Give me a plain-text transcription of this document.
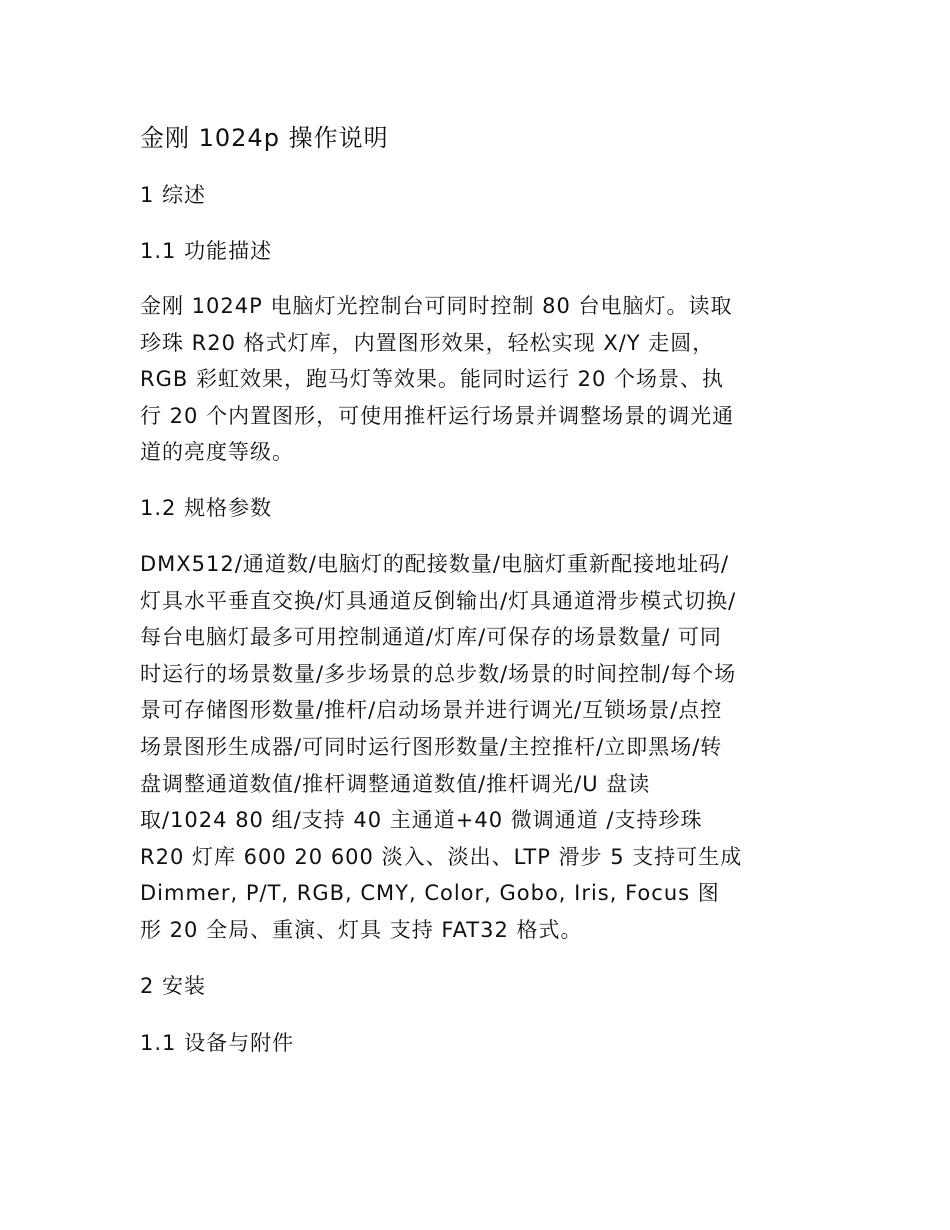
金刚 1024p 操作说明
1 综述
1.1 功能描述
金刚 1024P 电脑灯光控制台可同时控制 80 台电脑灯。读取
珍珠 R20 格式灯库，内置图形效果，轻松实现 X/Y 走圆，
RGB 彩虹效果，跑马灯等效果。能同时运行 20 个场景、执
行 20 个内置图形，可使用推杆运行场景并调整场景的调光通
道的亮度等级。
1.2 规格参数
DMX512/通道数/电脑灯的配接数量/电脑灯重新配接地址码/
灯具水平垂直交换/灯具通道反倒输出/灯具通道滑步模式切换/
每台电脑灯最多可用控制通道/灯库/可保存的场景数量/ 可同
时运行的场景数量/多步场景的总步数/场景的时间控制/每个场
景可存储图形数量/推杆/启动场景并进行调光/互锁场景/点控
场景图形生成器/可同时运行图形数量/主控推杆/立即黑场/转
盘调整通道数值/推杆调整通道数值/推杆调光/U 盘读
取/1024 80 组/支持 40 主通道+40 微调通道 /支持珍珠
R20 灯库 600 20 600 淡入、淡出、LTP 滑步 5 支持可生成
Dimmer, P/T, RGB, CMY, Color, Gobo, Iris, Focus 图
形 20 全局、重演、灯具 支持 FAT32 格式。
2 安装
1.1 设备与附件
